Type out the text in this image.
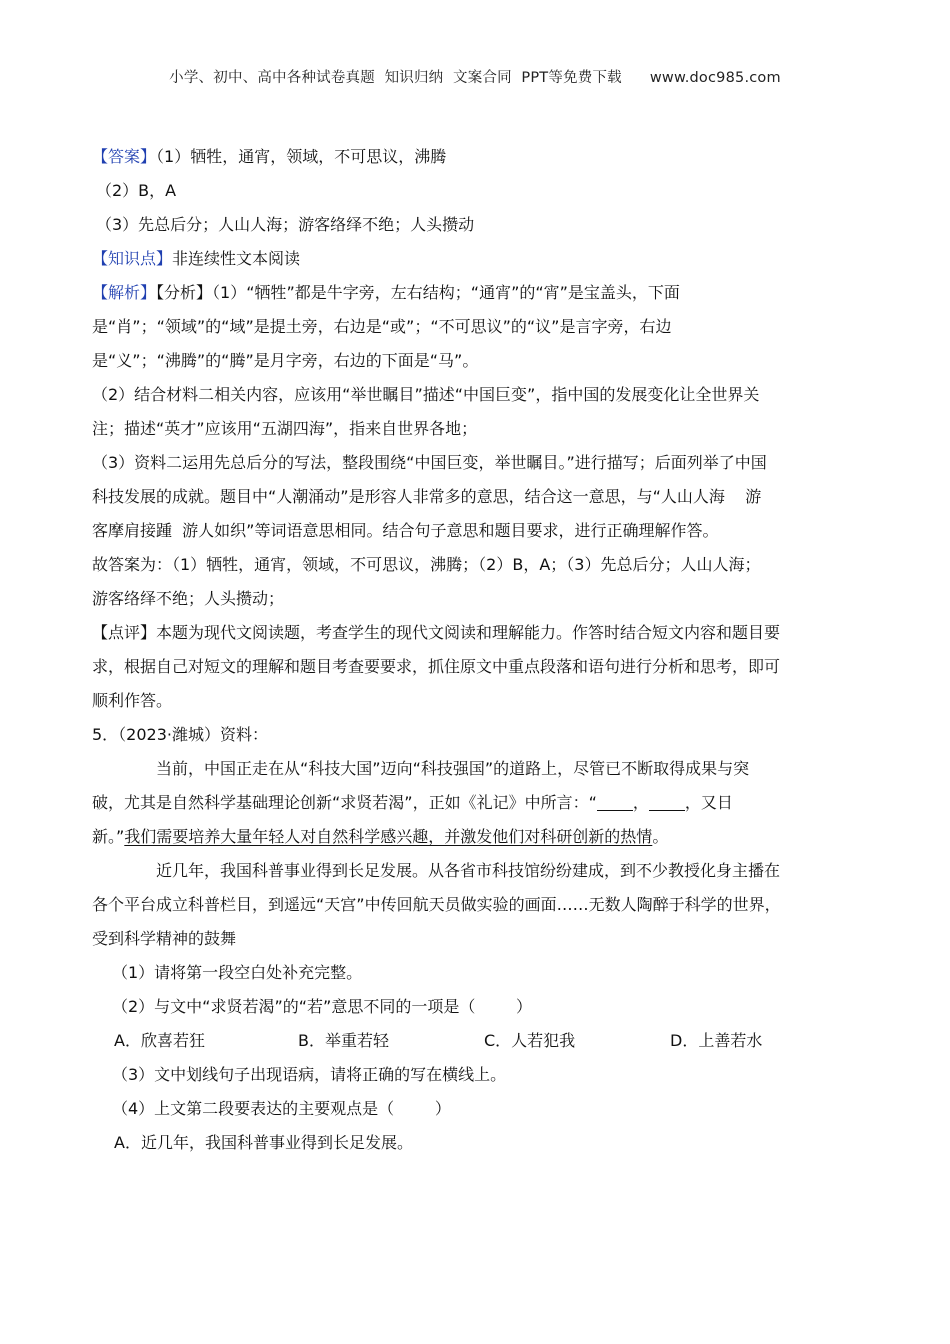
小学、初中、高中各种试卷真题  知识归纳  文案合同  PPT等免费下载 www.doc985.com
【答案】（1）牺牲，通宵，领域，不可思议，沸腾
（2）B，A
（3）先总后分；人山人海；游客络绎不绝；人头攒动
【知识点】非连续性文本阅读
【解析】【分析】（1）“牺牲”都是牛字旁，左右结构；“通宵”的“宵”是宝盖头，下面
是“肖”；“领域”的“域”是提土旁，右边是“或”；“不可思议”的“议”是言字旁，右边
是“义”；“沸腾”的“腾”是月字旁，右边的下面是“马”。
（2）结合材料二相关内容，应该用“举世瞩目”描述“中国巨变”，指中国的发展变化让全世界关
注；描述“英才”应该用“五湖四海”，指来自世界各地；
（3）资料二运用先总后分的写法，整段围绕“中国巨变，举世瞩目。”进行描写；后面列举了中国
科技发展的成就。题目中“人潮涌动”是形容人非常多的意思，结合这一意思，与“人山人海    游
客摩肩接踵  游人如织”等词语意思相同。结合句子意思和题目要求，进行正确理解作答。
故答案为：（1）牺牲，通宵，领域，不可思议，沸腾；（2）B，A；（3）先总后分；人山人海；
游客络绎不绝；人头攒动；
【点评】本题为现代文阅读题，考查学生的现代文阅读和理解能力。作答时结合短文内容和题目要
求，根据自己对短文的理解和题目考查要要求，抓住原文中重点段落和语句进行分析和思考，即可
顺利作答。
5．（2023·潍城）资料：
当前，中国正走在从“科技大国”迈向“科技强国”的道路上，尽管已不断取得成果与突
破，尤其是自然科学基础理论创新“求贤若渴”，正如《礼记》中所言：“ ， ，又日
新。”我们需要培养大量年轻人对自然科学感兴趣，并激发他们对科研创新的热情。
近几年，我国科普事业得到长足发展。从各省市科技馆纷纷建成，到不少教授化身主播在
各个平台成立科普栏目，到遥远“天宫”中传回航天员做实验的画面……无数人陶醉于科学的世界，
受到科学精神的鼓舞
（1）请将第一段空白处补充完整。
（2）与文中“求贤若渴”的“若”意思不同的一项是（        ）
A．欣喜若狂	B．举重若轻	C．人若犯我	D．上善若水
（3）文中划线句子出现语病，请将正确的写在横线上。
（4）上文第二段要表达的主要观点是（        ）
A．近几年，我国科普事业得到长足发展。
